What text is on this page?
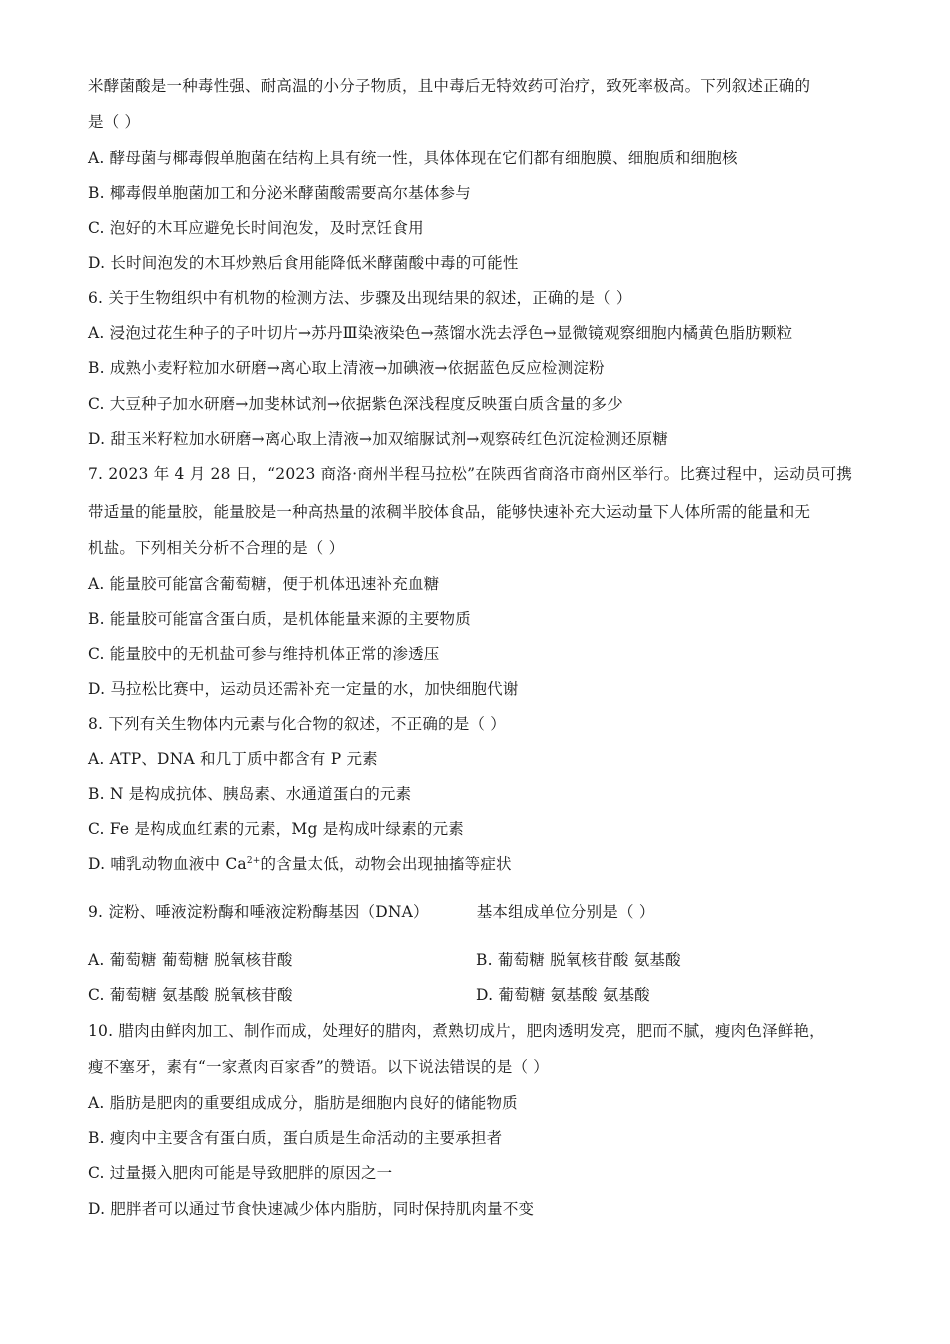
米酵菌酸是一种毒性强、耐高温的小分子物质，且中毒后无特效药可治疗，致死率极高。下列叙述正确的
是（ ）
A. 酵母菌与椰毒假单胞菌在结构上具有统一性，具体体现在它们都有细胞膜、细胞质和细胞核
B. 椰毒假单胞菌加工和分泌米酵菌酸需要高尔基体参与
C. 泡好的木耳应避免长时间泡发，及时烹饪食用
D. 长时间泡发的木耳炒熟后食用能降低米酵菌酸中毒的可能性
6. 关于生物组织中有机物的检测方法、步骤及出现结果的叙述，正确的是（ ）
A. 浸泡过花生种子的子叶切片→苏丹Ⅲ染液染色→蒸馏水洗去浮色→显微镜观察细胞内橘黄色脂肪颗粒
B. 成熟小麦籽粒加水研磨→离心取上清液→加碘液→依据蓝色反应检测淀粉
C. 大豆种子加水研磨→加斐林试剂→依据紫色深浅程度反映蛋白质含量的多少
D. 甜玉米籽粒加水研磨→离心取上清液→加双缩脲试剂→观察砖红色沉淀检测还原糖
7. 2023 年 4 月 28 日，“2023 商洛·商州半程马拉松”在陕西省商洛市商州区举行。比赛过程中，运动员可携
带适量的能量胶，能量胶是一种高热量的浓稠半胶体食品，能够快速补充大运动量下人体所需的能量和无
机盐。下列相关分析不合理的是（ ）
A. 能量胶可能富含葡萄糖，便于机体迅速补充血糖
B. 能量胶可能富含蛋白质，是机体能量来源的主要物质
C. 能量胶中的无机盐可参与维持机体正常的渗透压
D. 马拉松比赛中，运动员还需补充一定量的水，加快细胞代谢
8. 下列有关生物体内元素与化合物的叙述，不正确的是（ ）
A. ATP、DNA 和几丁质中都含有 P 元素
B. N 是构成抗体、胰岛素、水通道蛋白的元素
C. Fe 是构成血红素的元素，Mg 是构成叶绿素的元素
D. 哺乳动物血液中 $Ca^{2+}$的含量太低，动物会出现抽搐等症状
9. 淀粉、唾液淀粉酶和唾液淀粉酶基因（DNA）	基本组成单位分别是（ ）
A. 葡萄糖 葡萄糖 脱氧核苷酸	B. 葡萄糖 脱氧核苷酸 氨基酸
C. 葡萄糖 氨基酸 脱氧核苷酸	D. 葡萄糖 氨基酸 氨基酸
10. 腊肉由鲜肉加工、制作而成，处理好的腊肉，煮熟切成片，肥肉透明发亮，肥而不腻，瘦肉色泽鲜艳，
瘦不塞牙，素有“一家煮肉百家香”的赞语。以下说法错误的是（ ）
A. 脂肪是肥肉的重要组成成分，脂肪是细胞内良好的储能物质
B. 瘦肉中主要含有蛋白质，蛋白质是生命活动的主要承担者
C. 过量摄入肥肉可能是导致肥胖的原因之一
D. 肥胖者可以通过节食快速减少体内脂肪，同时保持肌肉量不变
